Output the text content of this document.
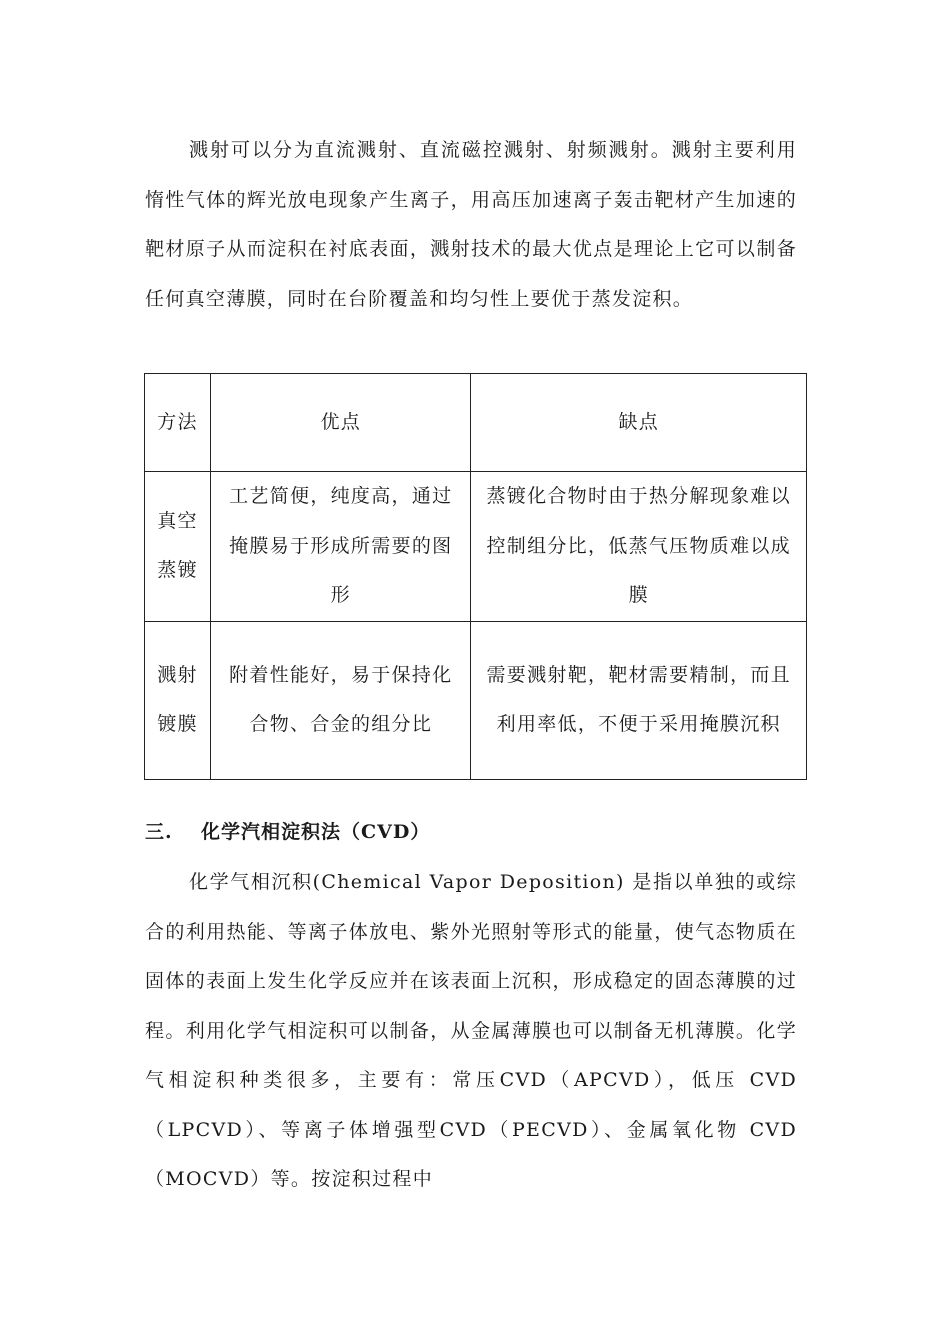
溅射可以分为直流溅射、直流磁控溅射、射频溅射。溅射主要利用惰性气体的辉光放电现象产生离子，用高压加速离子轰击靶材产生加速的靶材原子从而淀积在衬底表面，溅射技术的最大优点是理论上它可以制备任何真空薄膜，同时在台阶覆盖和均匀性上要优于蒸发淀积。

方法	优点	缺点
真空蒸镀	工艺简便，纯度高，通过掩膜易于形成所需要的图形	蒸镀化合物时由于热分解现象难以控制组分比，低蒸气压物质难以成膜
溅射镀膜	附着性能好，易于保持化合物、合金的组分比	需要溅射靶，靶材需要精制，而且利用率低，不便于采用掩膜沉积
三. 化学汽相淀积法（CVD）

化学气相沉积(Chemical Vapor Deposition) 是指以单独的或综合的利用热能、等离子体放电、紫外光照射等形式的能量，使气态物质在固体的表面上发生化学反应并在该表面上沉积，形成稳定的固态薄膜的过程。利用化学气相淀积可以制备，从金属薄膜也可以制备无机薄膜。化学气相淀积种类很多，主要有：常压CVD（APCVD），低压 CVD（LPCVD）、等离子体增强型CVD（PECVD）、金属氧化物 CVD（MOCVD）等。按淀积过程中
